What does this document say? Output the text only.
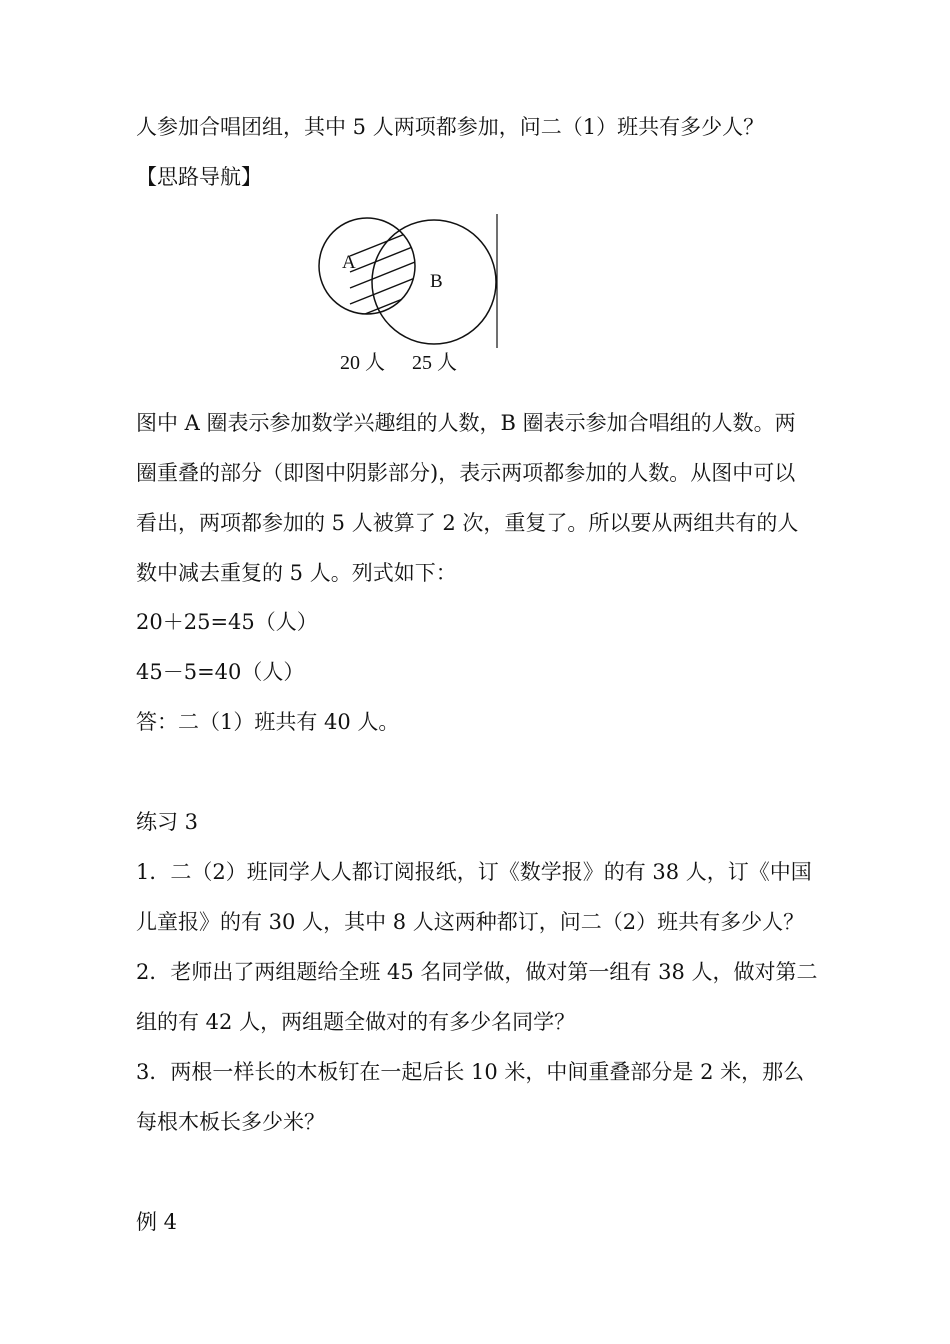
人参加合唱团组，其中 5 人两项都参加，问二（1）班共有多少人？

【思路导航】

A
B
20 人 25 人

图中 A 圈表示参加数学兴趣组的人数，B 圈表示参加合唱组的人数。两

圈重叠的部分（即图中阴影部分)，表示两项都参加的人数。从图中可以

看出，两项都参加的 5 人被算了 2 次，重复了。所以要从两组共有的人

数中减去重复的 5 人。列式如下：

20＋25=45（人）

45－5=40（人）

答：二（1）班共有 40 人。

练习 3

1．二（2）班同学人人都订阅报纸，订《数学报》的有 38 人，订《中国

儿童报》的有 30 人，其中 8 人这两种都订，问二（2）班共有多少人？

2．老师出了两组题给全班 45 名同学做，做对第一组有 38 人，做对第二

组的有 42 人，两组题全做对的有多少名同学？

3．两根一样长的木板钉在一起后长 10 米，中间重叠部分是 2 米，那么

每根木板长多少米？

例 4
